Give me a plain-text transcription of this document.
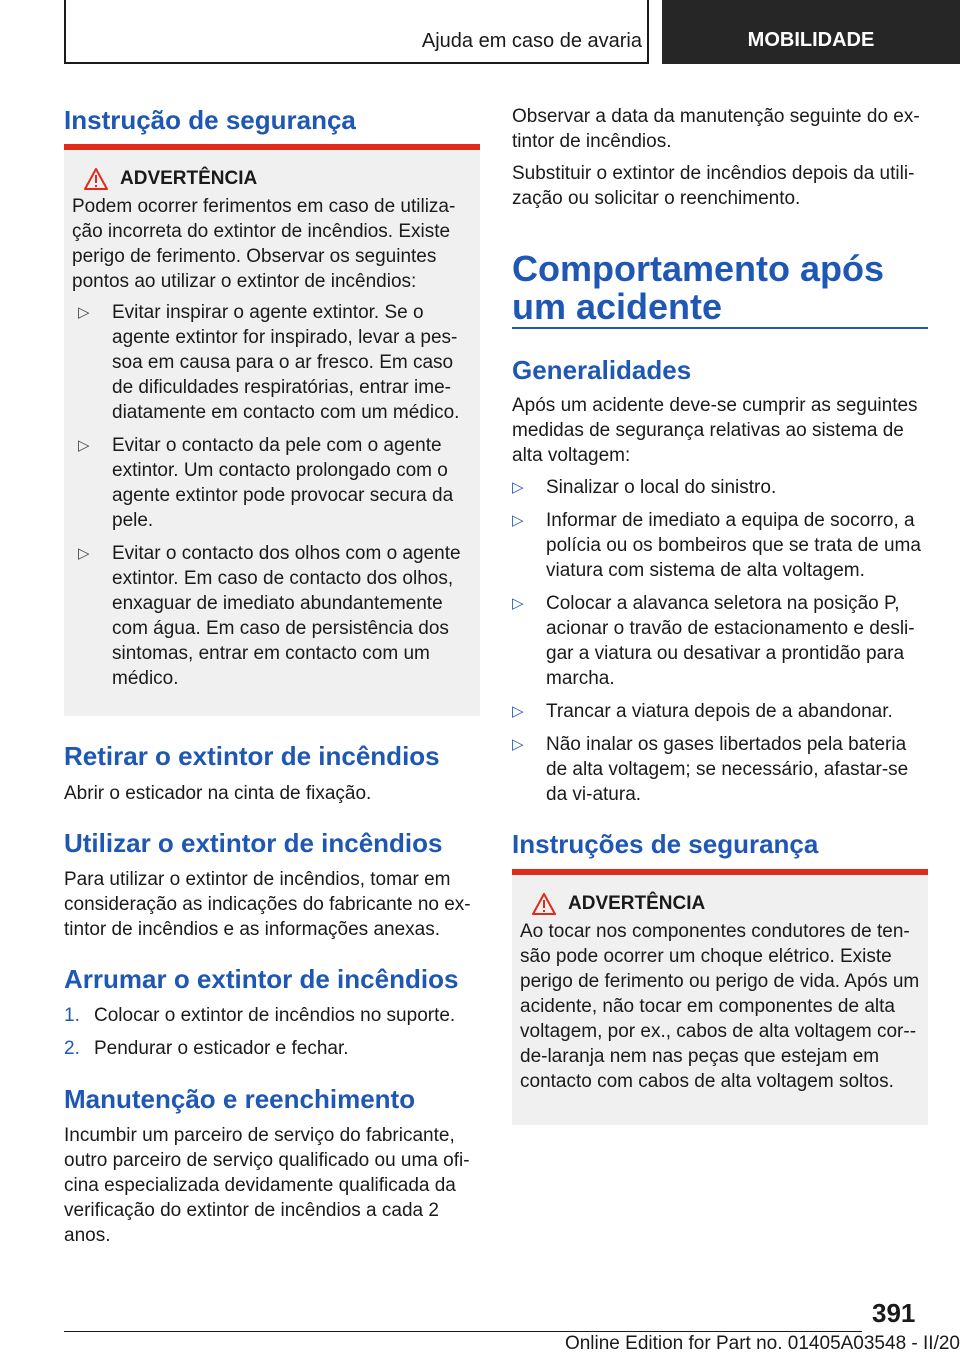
Ajuda em caso de avaria	MOBILIDADE
Instrução de segurança
ADVERTÊNCIA
Podem ocorrer ferimentos em caso de utiliza-ção incorreta do extintor de incêndios. Existe perigo de ferimento. Observar os seguintes pontos ao utilizar o extintor de incêndios:
▷	Evitar inspirar o agente extintor. Se o agente extintor for inspirado, levar a pes-soa em causa para o ar fresco. Em caso de dificuldades respiratórias, entrar ime-diatamente em contacto com um médico.
▷	Evitar o contacto da pele com o agente extintor. Um contacto prolongado com o agente extintor pode provocar secura da pele.
▷	Evitar o contacto dos olhos com o agente extintor. Em caso de contacto dos olhos, enxaguar de imediato abundantemente com água. Em caso de persistência dos sintomas, entrar em contacto com um médico.
Retirar o extintor de incêndios
Abrir o esticador na cinta de fixação.
Utilizar o extintor de incêndios
Para utilizar o extintor de incêndios, tomar em consideração as indicações do fabricante no ex-tintor de incêndios e as informações anexas.
Arrumar o extintor de incêndios
1. Colocar o extintor de incêndios no suporte.
2. Pendurar o esticador e fechar.
Manutenção e reenchimento
Incumbir um parceiro de serviço do fabricante, outro parceiro de serviço qualificado ou uma ofi-cina especializada devidamente qualificada da verificação do extintor de incêndios a cada 2 anos.
Observar a data da manutenção seguinte do ex-tintor de incêndios.
Substituir o extintor de incêndios depois da utili-zação ou solicitar o reenchimento.
Comportamento após um acidente
Generalidades
Após um acidente deve-se cumprir as seguintes medidas de segurança relativas ao sistema de alta voltagem:
▷	Sinalizar o local do sinistro.
▷	Informar de imediato a equipa de socorro, a polícia ou os bombeiros que se trata de uma viatura com sistema de alta voltagem.
▷	Colocar a alavanca seletora na posição P, acionar o travão de estacionamento e desli-gar a viatura ou desativar a prontidão para marcha.
▷	Trancar a viatura depois de a abandonar.
▷	Não inalar os gases libertados pela bateria de alta voltagem; se necessário, afastar-se da vi-atura.
Instruções de segurança
ADVERTÊNCIA
Ao tocar nos componentes condutores de ten-são pode ocorrer um choque elétrico. Existe perigo de ferimento ou perigo de vida. Após um acidente, não tocar em componentes de alta voltagem, por ex., cabos de alta voltagem cor--de-laranja nem nas peças que estejam em contacto com cabos de alta voltagem soltos.
391
Online Edition for Part no. 01405A03548 - II/20
